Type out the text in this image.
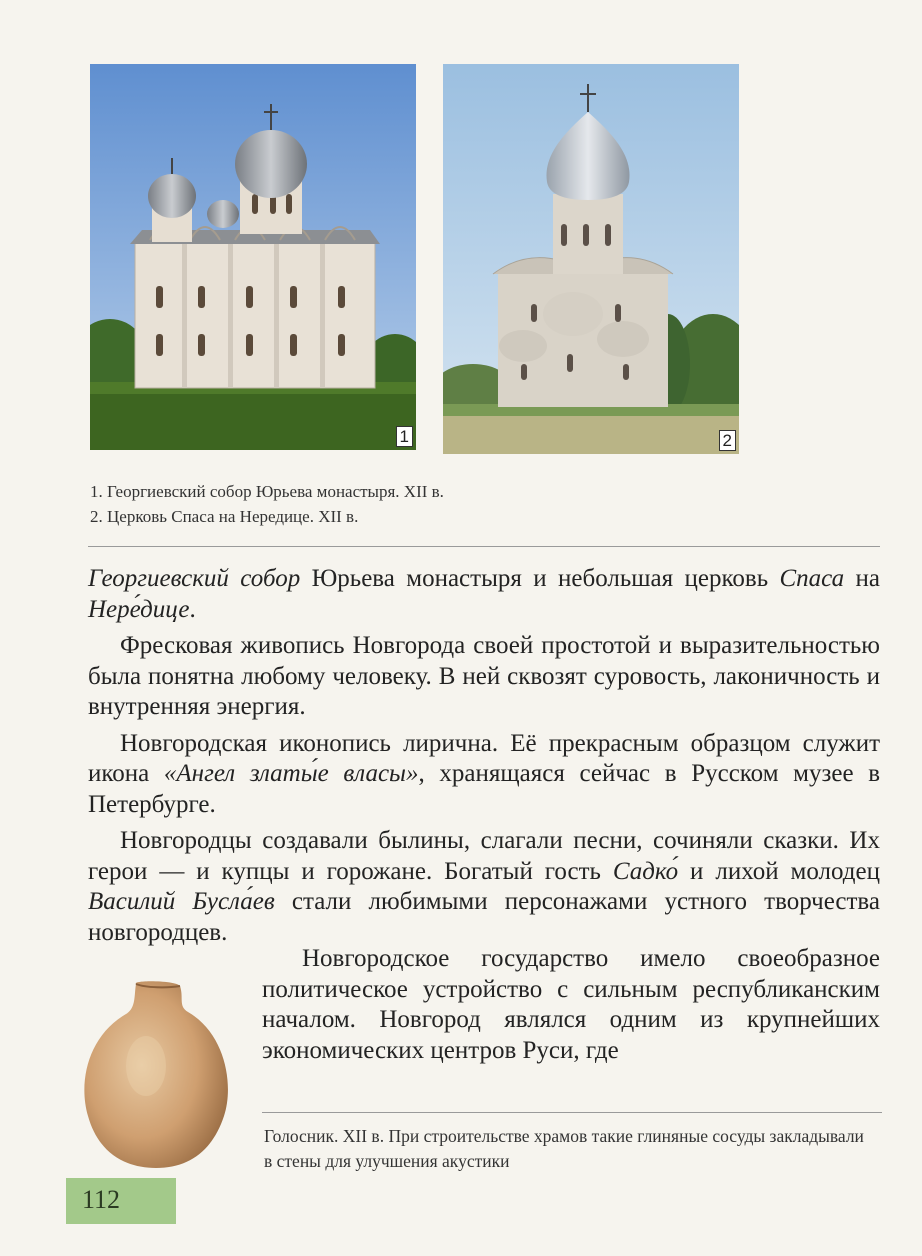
1	2
1. Георгиевский собор Юрьева монастыря. XII в.
2. Церковь Спаса на Нередице. XII в.

Георгиевский собор Юрьева монастыря и небольшая церковь Спаса на Нере́дице.

Фресковая живопись Новгорода своей простотой и выразительностью была понятна любому человеку. В ней сквозят суровость, лаконичность и внутренняя энергия.

Новгородская иконопись лирична. Её прекрасным образцом служит икона «Ангел златы́е власы», хранящаяся сейчас в Русском музее в Петербурге.

Новгородцы создавали былины, слагали песни, сочиняли сказки. Их герои — и купцы и горожане. Богатый гость Садко́ и лихой молодец Василий Бусла́ев стали любимыми персонажами устного творчества новгородцев.

Новгородское государство имело своеобразное политическое устройство с сильным республиканским началом. Новгород являлся одним из крупнейших экономических центров Руси, где

Голосник. XII в. При строительстве храмов такие глиняные сосуды закладывали в стены для улучшения акустики
112
